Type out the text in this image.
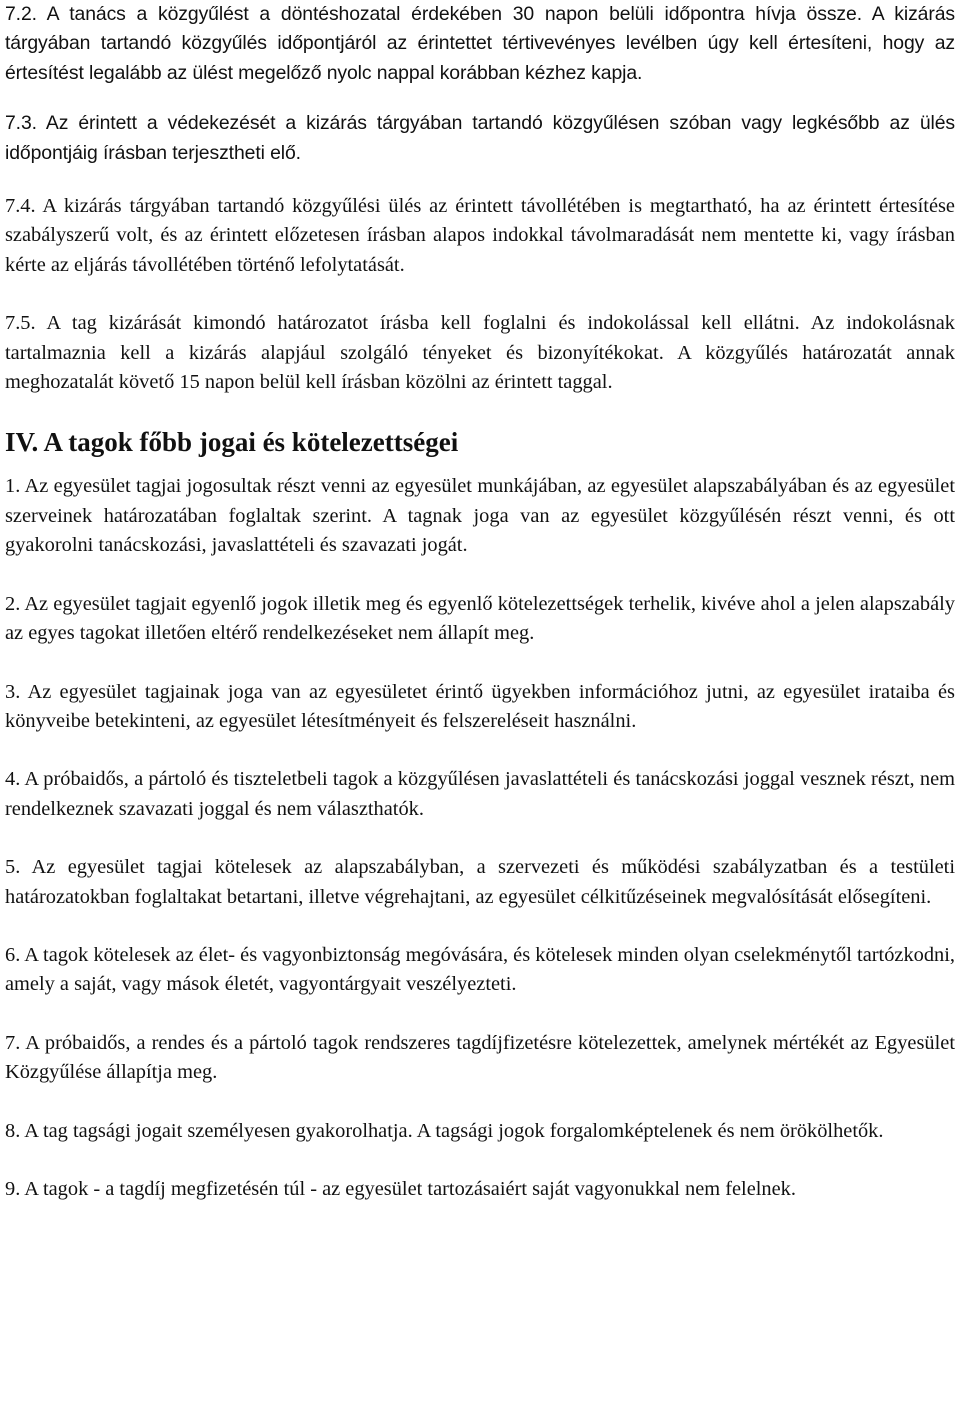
7.2. A tanács a közgyűlést a döntéshozatal érdekében 30 napon belüli időpontra hívja össze. A kizárás tárgyában tartandó közgyűlés időpontjáról az érintettet tértivevényes levélben úgy kell értesíteni, hogy az értesítést legalább az ülést megelőző nyolc nappal korábban kézhez kapja.

7.3. Az érintett a védekezését a kizárás tárgyában tartandó közgyűlésen szóban vagy legkésőbb az ülés időpontjáig írásban terjesztheti elő.

7.4. A kizárás tárgyában tartandó közgyűlési ülés az érintett távollétében is megtartható, ha az érintett értesítése szabályszerű volt, és az érintett előzetesen írásban alapos indokkal távolmaradását nem mentette ki, vagy írásban kérte az eljárás távollétében történő lefolytatását.

7.5. A tag kizárását kimondó határozatot írásba kell foglalni és indokolással kell ellátni. Az indokolásnak tartalmaznia kell a kizárás alapjául szolgáló tényeket és bizonyítékokat. A közgyűlés határozatát annak meghozatalát követő 15 napon belül kell írásban közölni az érintett taggal.

IV. A tagok főbb jogai és kötelezettségei

1. Az egyesület tagjai jogosultak részt venni az egyesület munkájában, az egyesület alapszabályában és az egyesület szerveinek határozatában foglaltak szerint. A tagnak joga van az egyesület közgyűlésén részt venni, és ott gyakorolni tanácskozási, javaslattételi és szavazati jogát.

2. Az egyesület tagjait egyenlő jogok illetik meg és egyenlő kötelezettségek terhelik, kivéve ahol a jelen alapszabály az egyes tagokat illetően eltérő rendelkezéseket nem állapít meg.

3. Az egyesület tagjainak joga van az egyesületet érintő ügyekben információhoz jutni, az egyesület irataiba és könyveibe betekinteni, az egyesület létesítményeit és felszereléseit használni.

4. A próbaidős, a pártoló és tiszteletbeli tagok a közgyűlésen javaslattételi és tanácskozási joggal vesznek részt, nem rendelkeznek szavazati joggal és nem választhatók.

5. Az egyesület tagjai kötelesek az alapszabályban, a szervezeti és működési szabályzatban és a testületi határozatokban foglaltakat betartani, illetve végrehajtani, az egyesület célkitűzéseinek megvalósítását elősegíteni.

6. A tagok kötelesek az élet- és vagyonbiztonság megóvására, és kötelesek minden olyan cselekménytől tartózkodni, amely a saját, vagy mások életét, vagyontárgyait veszélyezteti.

7. A próbaidős, a rendes és a pártoló tagok rendszeres tagdíjfizetésre kötelezettek, amelynek mértékét az Egyesület Közgyűlése állapítja meg.

8. A tag tagsági jogait személyesen gyakorolhatja. A tagsági jogok forgalomképtelenek és nem örökölhetők.

9. A tagok - a tagdíj megfizetésén túl - az egyesület tartozásaiért saját vagyonukkal nem felelnek.
